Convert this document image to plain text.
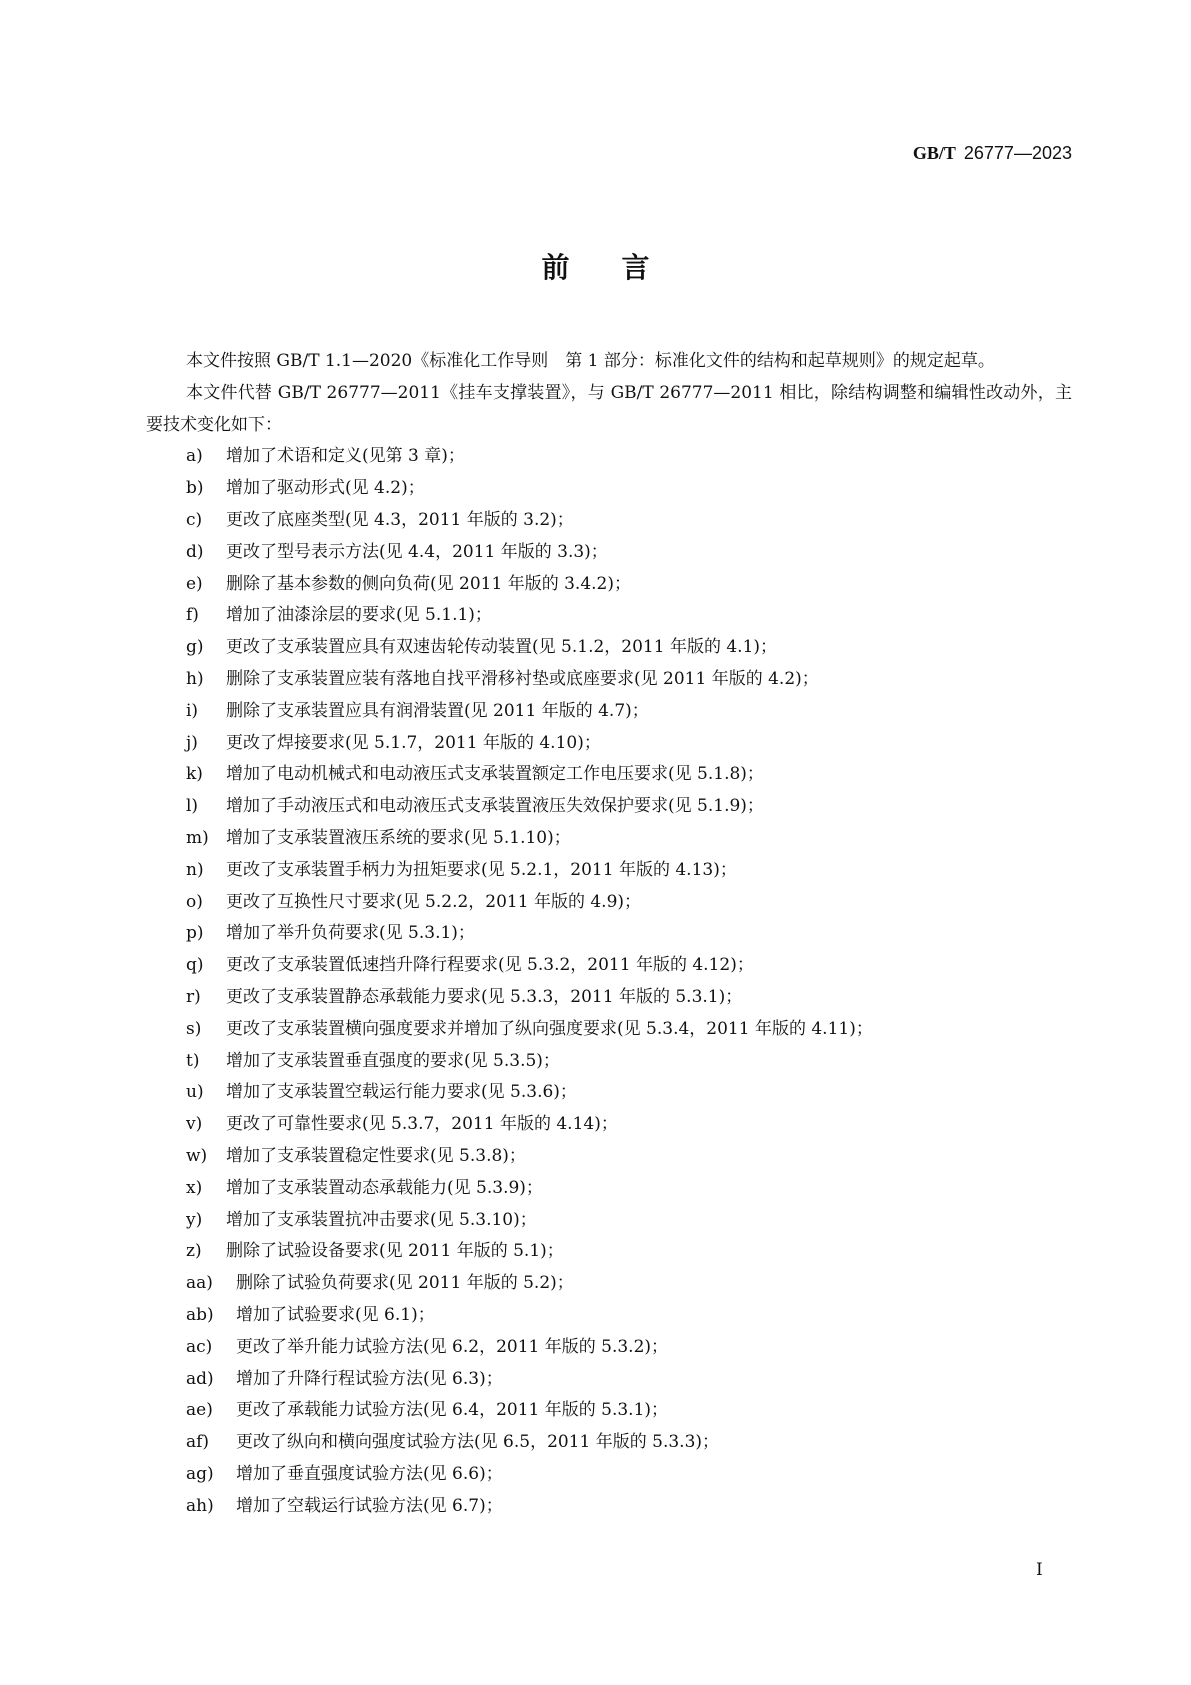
GB/T 26777—2023
前言

本文件按照 GB/T 1.1—2020《标准化工作导则　第 1 部分：标准化文件的结构和起草规则》的规定起草。

本文件代替 GB/T 26777—2011《挂车支撑装置》，与 GB/T 26777—2011 相比，除结构调整和编辑性改动外，主要技术变化如下：

a)	增加了术语和定义(见第 3 章)；
b)	增加了驱动形式(见 4.2)；
c)	更改了底座类型(见 4.3，2011 年版的 3.2)；
d)	更改了型号表示方法(见 4.4，2011 年版的 3.3)；
e)	删除了基本参数的侧向负荷(见 2011 年版的 3.4.2)；
f)	增加了油漆涂层的要求(见 5.1.1)；
g)	更改了支承装置应具有双速齿轮传动装置(见 5.1.2，2011 年版的 4.1)；
h)	删除了支承装置应装有落地自找平滑移衬垫或底座要求(见 2011 年版的 4.2)；
i)	删除了支承装置应具有润滑装置(见 2011 年版的 4.7)；
j)	更改了焊接要求(见 5.1.7，2011 年版的 4.10)；
k)	增加了电动机械式和电动液压式支承装置额定工作电压要求(见 5.1.8)；
l)	增加了手动液压式和电动液压式支承装置液压失效保护要求(见 5.1.9)；
m)	增加了支承装置液压系统的要求(见 5.1.10)；
n)	更改了支承装置手柄力为扭矩要求(见 5.2.1，2011 年版的 4.13)；
o)	更改了互换性尺寸要求(见 5.2.2，2011 年版的 4.9)；
p)	增加了举升负荷要求(见 5.3.1)；
q)	更改了支承装置低速挡升降行程要求(见 5.3.2，2011 年版的 4.12)；
r)	更改了支承装置静态承载能力要求(见 5.3.3，2011 年版的 5.3.1)；
s)	更改了支承装置横向强度要求并增加了纵向强度要求(见 5.3.4，2011 年版的 4.11)；
t)	增加了支承装置垂直强度的要求(见 5.3.5)；
u)	增加了支承装置空载运行能力要求(见 5.3.6)；
v)	更改了可靠性要求(见 5.3.7，2011 年版的 4.14)；
w)	增加了支承装置稳定性要求(见 5.3.8)；
x)	增加了支承装置动态承载能力(见 5.3.9)；
y)	增加了支承装置抗冲击要求(见 5.3.10)；
z)	删除了试验设备要求(见 2011 年版的 5.1)；
aa)	删除了试验负荷要求(见 2011 年版的 5.2)；
ab)	增加了试验要求(见 6.1)；
ac)	更改了举升能力试验方法(见 6.2，2011 年版的 5.3.2)；
ad)	增加了升降行程试验方法(见 6.3)；
ae)	更改了承载能力试验方法(见 6.4，2011 年版的 5.3.1)；
af)	更改了纵向和横向强度试验方法(见 6.5，2011 年版的 5.3.3)；
ag)	增加了垂直强度试验方法(见 6.6)；
ah)	增加了空载运行试验方法(见 6.7)；
I
